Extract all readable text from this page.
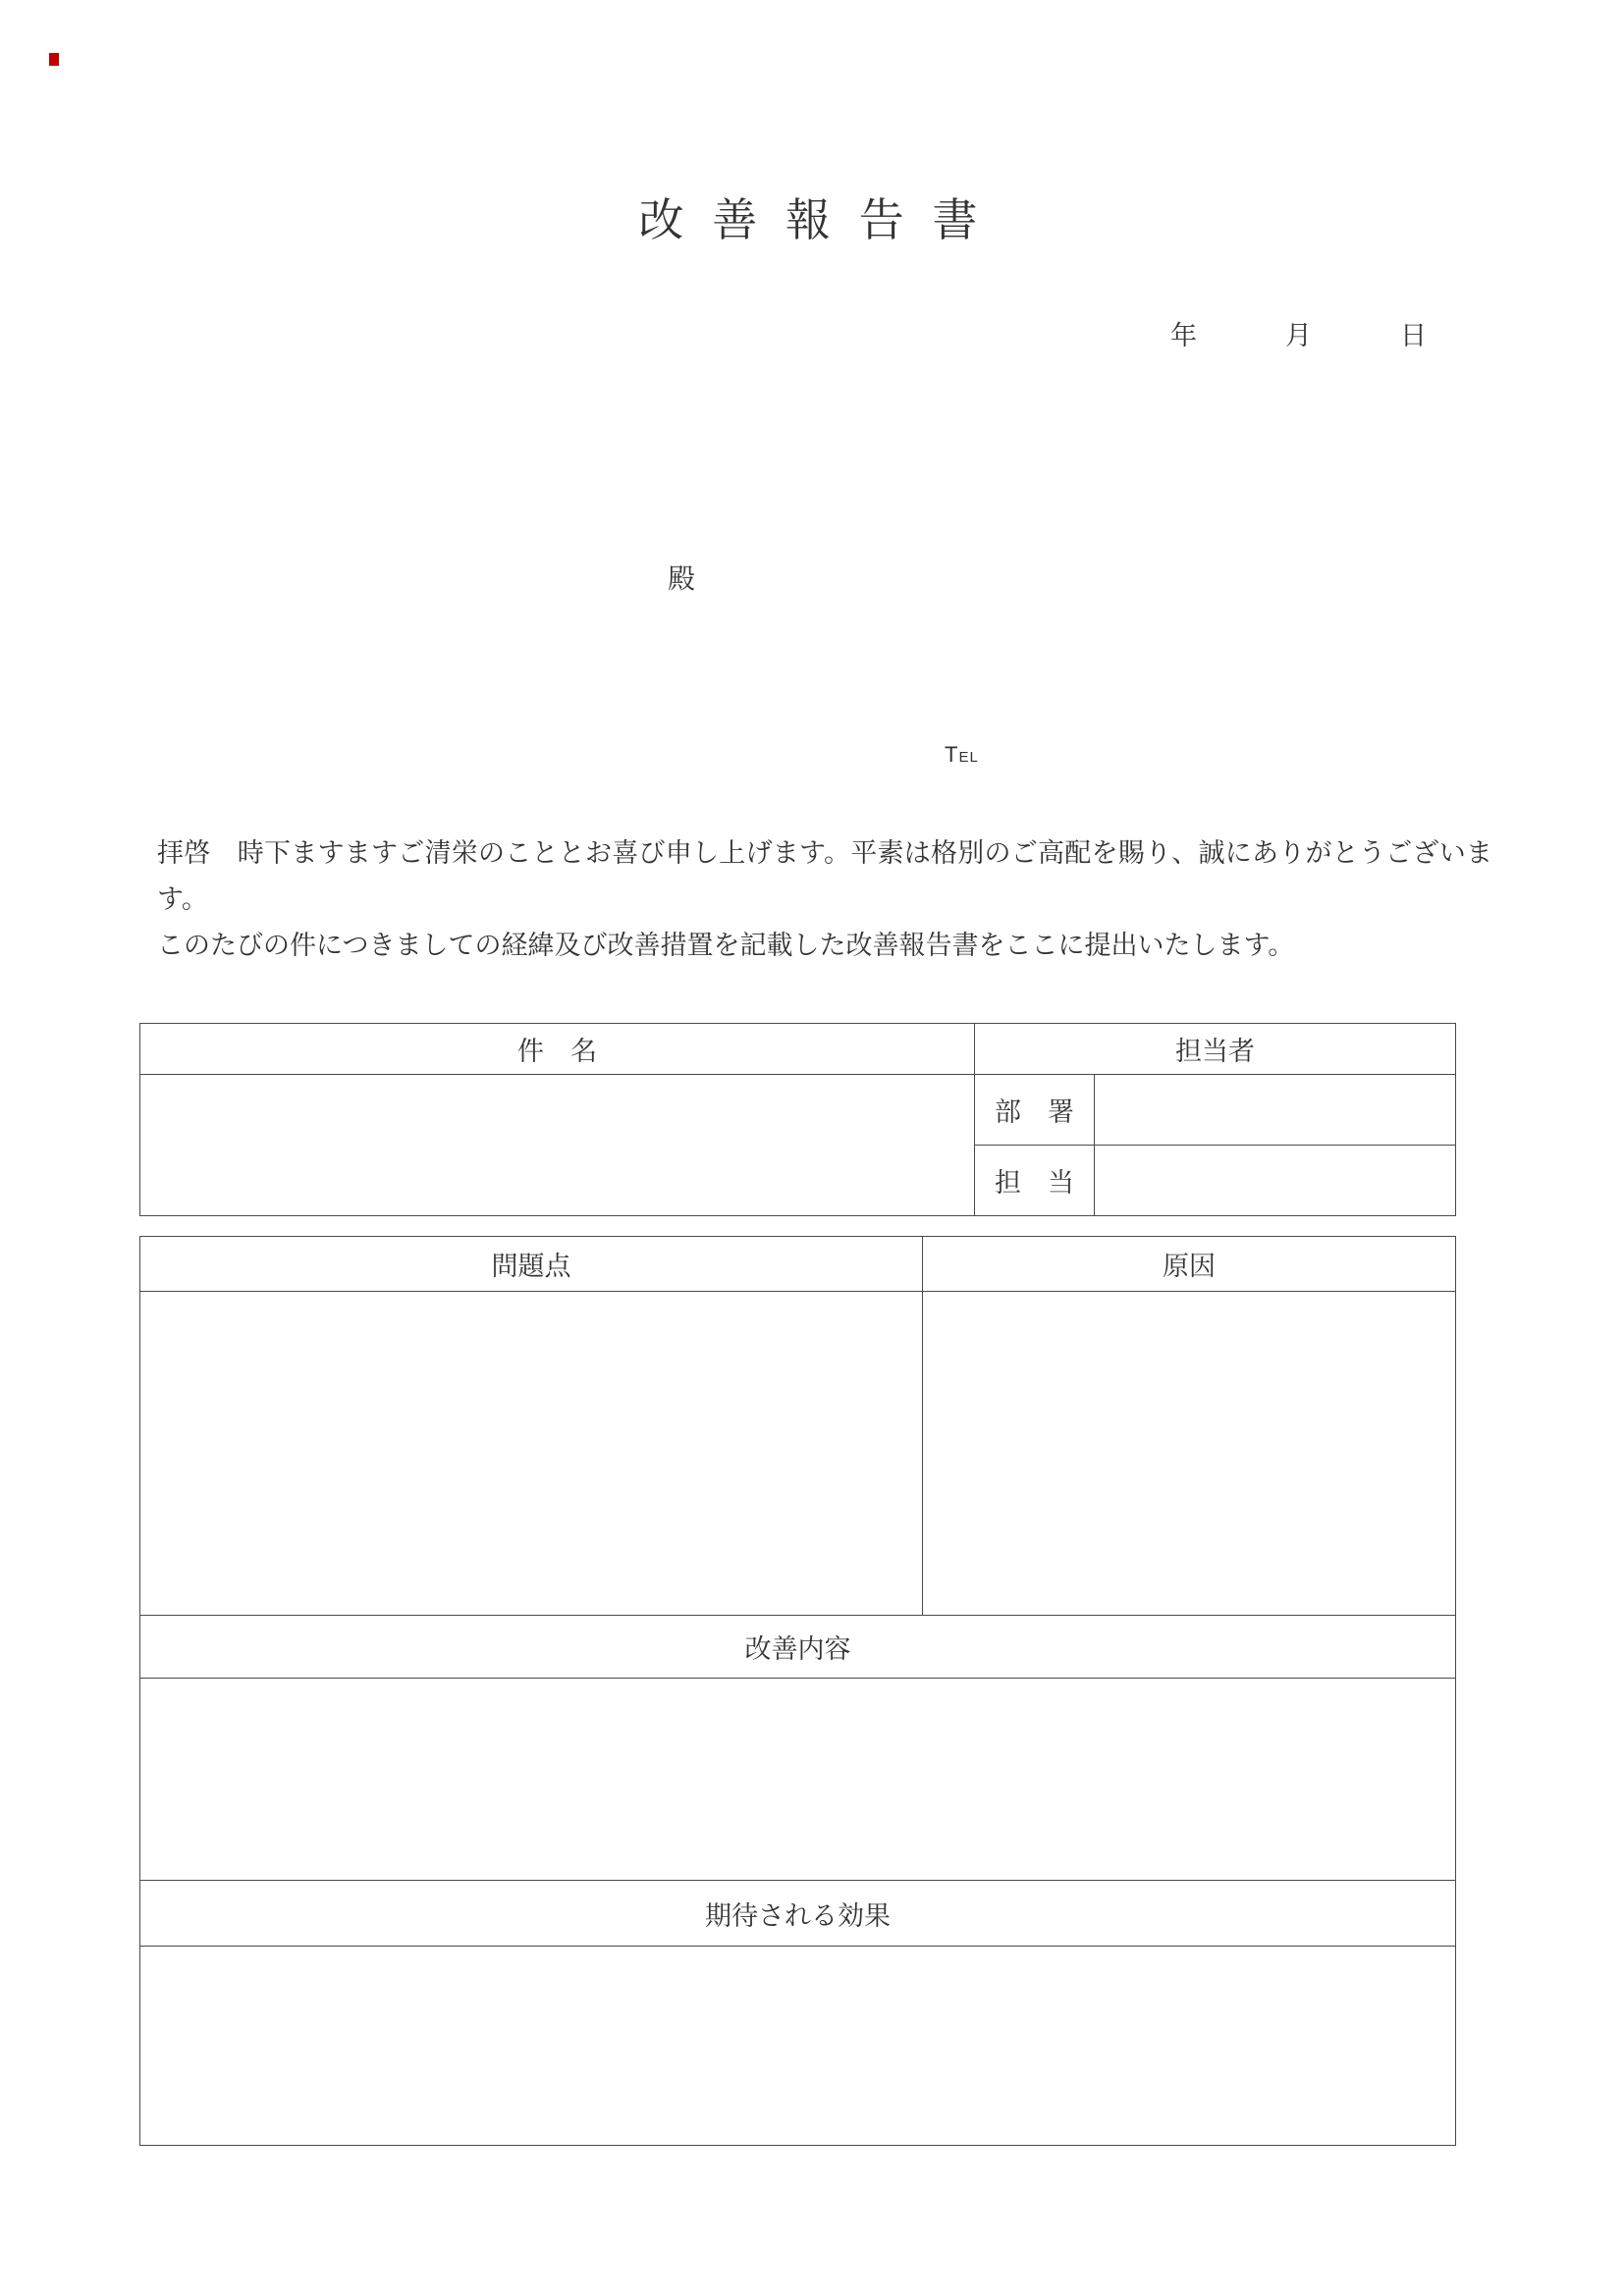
改 善 報 告 書
年	月	日
殿
Tel

拝啓　時下ますますご清栄のこととお喜び申し上げます。平素は格別のご高配を賜り、誠にありがとうございます。

このたびの件につきましての経緯及び改善措置を記載した改善報告書をここに提出いたします。

件　名	担当者	
	部　署	
	担　当	
問題点	原因

改善内容	

期待される効果	
